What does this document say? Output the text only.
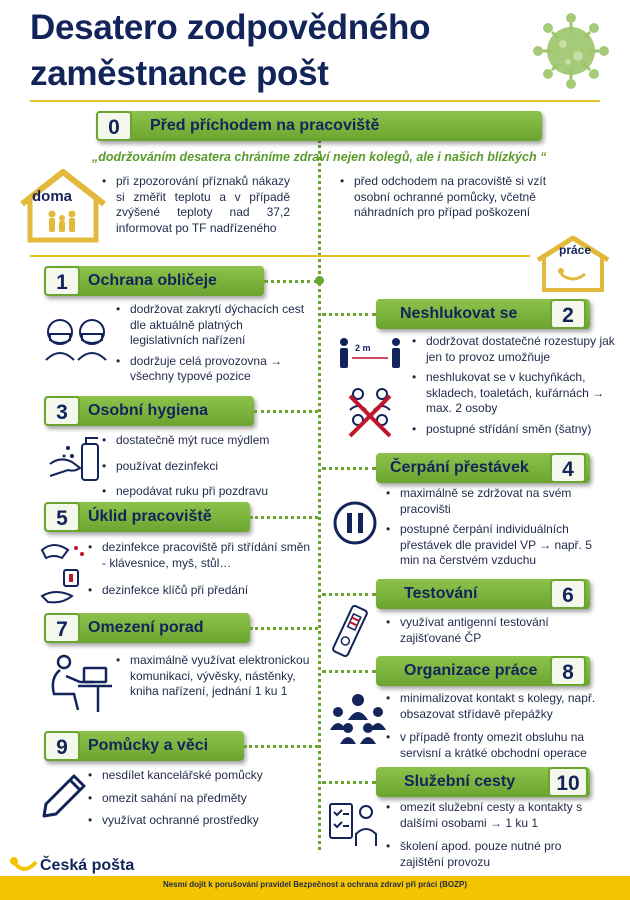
Desatero zodpovědného
zaměstnance pošt
0	Před příchodem na pracoviště
„dodržováním desatera chráníme zdraví nejen kolegů, ale i našich blízkých “
doma
• při zpozorování příznaků nákazy si změřit teplotu a v případě zvýšené teploty nad 37,2 informovat po TF nadřízeného
• před odchodem na pracoviště si vzít osobní ochranné pomůcky, včetně náhradních pro případ poškození
práce
1	Ochrana obličeje
• dodržovat zakrytí dýchacích cest dle aktuálně platných legislativních nařízení
• dodržuje celá provozovna → všechny typové pozice
Neshlukovat se	2
2 m	• dodržovat dostatečné rozestupy jak jen to provoz umožňuje
• neshlukovat se v kuchyňkách, skladech, toaletách, kuřárnách → max. 2 osoby
• postupné střídání směn (šatny)
3	Osobní hygiena
• dostatečně mýt ruce mýdlem
• používat dezinfekci
• nepodávat ruku při pozdravu
Čerpání přestávek	4
• maximálně se zdržovat na svém pracovišti
• postupné čerpání individuálních přestávek dle pravidel VP → např. 5 min na čerstvém vzduchu
5	Úklid pracoviště
• dezinfekce pracoviště při střídání směn - klávesnice, myš, stůl…
• dezinfekce klíčů při předání	Testování	6
• využívat antigenní testování zajišťované ČP
7	Omezení porad
• maximálně využívat elektronickou komunikaci, vývěsky, nástěnky, kniha nařízení, jednání 1 ku 1
Organizace práce	8
• minimalizovat kontakt s kolegy, např. obsazovat střídavě přepážky
• v případě fronty omezit obsluhu na servisní a krátké obchodní operace
9	Pomůcky a věci
• nesdílet kancelářské pomůcky
• omezit sahání na předměty
• využívat ochranné prostředky
Služební cesty	10
• omezit služební cesty a kontakty s dalšími osobami → 1 ku 1
• školení apod. pouze nutné pro zajištění provozu
Česká pošta
Nesmí dojít k porušování pravidel Bezpečnost a ochrana zdraví při práci (BOZP)
